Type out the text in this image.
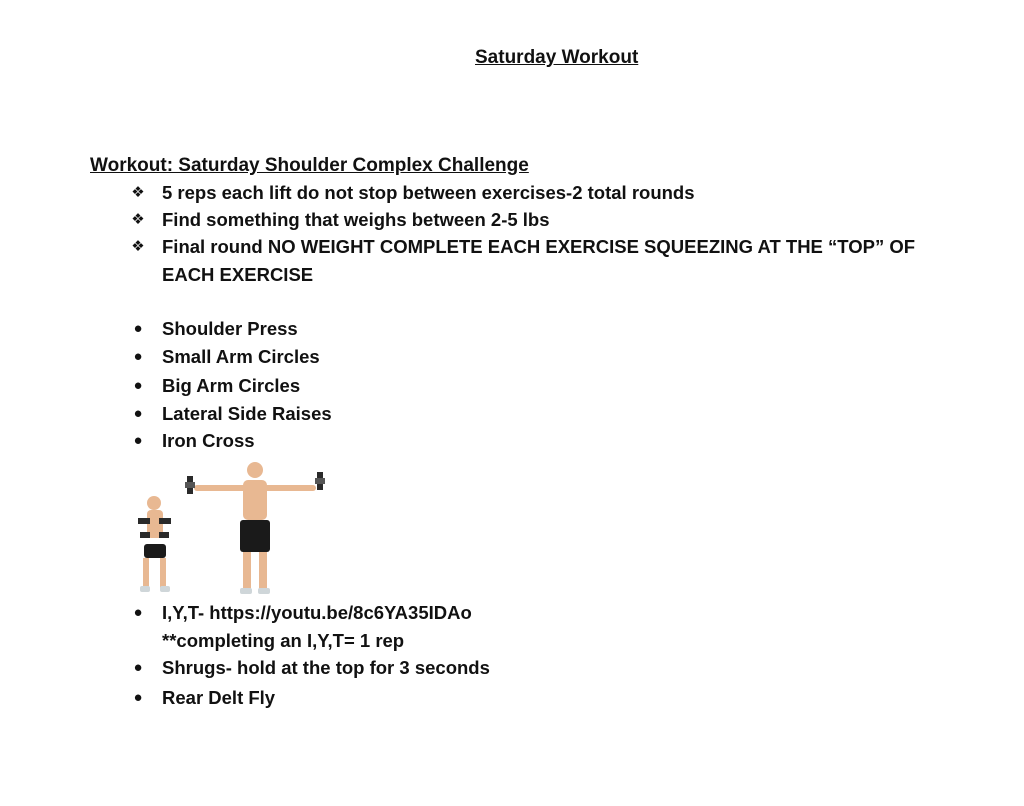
Saturday Workout
Workout: Saturday Shoulder Complex Challenge
❖ 5 reps each lift do not stop between exercises-2 total rounds
❖ Find something that weighs between 2-5 lbs
❖ Final round NO WEIGHT COMPLETE EACH EXERCISE SQUEEZING AT THE “TOP” OF EACH EXERCISE
● Shoulder Press
● Small Arm Circles
● Big Arm Circles
● Lateral Side Raises
● Iron Cross
● I,Y,T- https://youtu.be/8c6YA35IDAo
**completing an I,Y,T= 1 rep
● Shrugs- hold at the top for 3 seconds
● Rear Delt Fly
